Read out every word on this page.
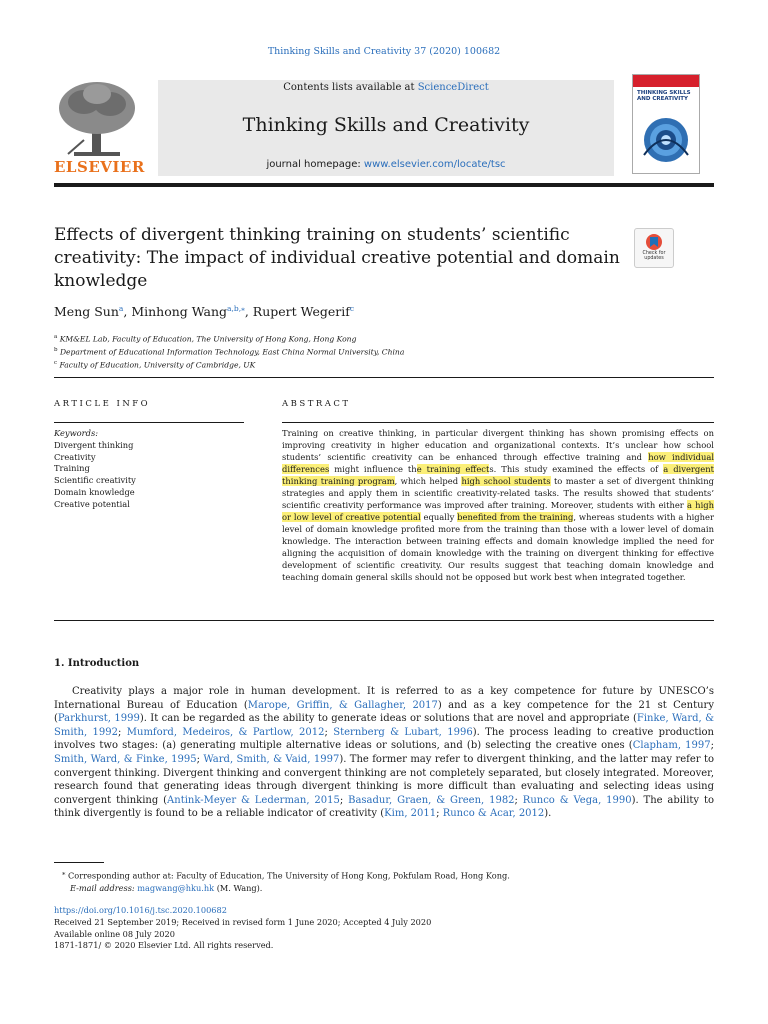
Thinking Skills and Creativity 37 (2020) 100682
ELSEVIER
Contents lists available at ScienceDirect
Thinking Skills and Creativity
journal homepage: www.elsevier.com/locate/tsc
THINKING SKILLS AND CREATIVITY
Effects of divergent thinking training on students’ scientific creativity: The impact of individual creative potential and domain knowledge
Check for updates
Meng Sun$^a$, Minhong Wang$^{a,b,⁎}$, Rupert Wegerif$^c$
$^a$ KM&EL Lab, Faculty of Education, The University of Hong Kong, Hong Kong
$^b$ Department of Educational Information Technology, East China Normal University, China
$^c$ Faculty of Education, University of Cambridge, UK
ARTICLE INFO	ABSTRACT
Keywords:
Divergent thinking
Creativity
Training
Scientific creativity
Domain knowledge
Creative potential
Training on creative thinking, in particular divergent thinking has shown promising effects on improving creativity in higher education and organizational contexts. It’s unclear how school students’ scientific creativity can be enhanced through effective training and how individual differences might influence the training effects. This study examined the effects of a divergent thinking training program, which helped high school students to master a set of divergent thinking strategies and apply them in scientific creativity-related tasks. The results showed that students’ scientific creativity performance was improved after training. Moreover, students with either a high or low level of creative potential equally benefited from the training, whereas students with a higher level of domain knowledge profited more from the training than those with a lower level of domain knowledge. The interaction between training effects and domain knowledge implied the need for aligning the acquisition of domain knowledge with the training on divergent thinking for effective development of scientific creativity. Our results suggest that teaching domain knowledge and teaching domain general skills should not be opposed but work best when integrated together.
1. Introduction
Creativity plays a major role in human development. It is referred to as a key competence for future by UNESCO’s International Bureau of Education (Marope, Griffin, & Gallagher, 2017) and as a key competence for the 21 st Century (Parkhurst, 1999). It can be regarded as the ability to generate ideas or solutions that are novel and appropriate (Finke, Ward, & Smith, 1992; Mumford, Medeiros, & Partlow, 2012; Sternberg & Lubart, 1996). The process leading to creative production involves two stages: (a) generating multiple alternative ideas or solutions, and (b) selecting the creative ones (Clapham, 1997; Smith, Ward, & Finke, 1995; Ward, Smith, & Vaid, 1997). The former may refer to divergent thinking, and the latter may refer to convergent thinking. Divergent thinking and convergent thinking are not completely separated, but closely integrated. Moreover, research found that generating ideas through divergent thinking is more difficult than evaluating and selecting ideas using convergent thinking (Antink-Meyer & Lederman, 2015; Basadur, Graen, & Green, 1982; Runco & Vega, 1990). The ability to think divergently is found to be a reliable indicator of creativity (Kim, 2011; Runco & Acar, 2012).
⁎ Corresponding author at: Faculty of Education, The University of Hong Kong, Pokfulam Road, Hong Kong.
E-mail address: magwang@hku.hk (M. Wang).
https://doi.org/10.1016/j.tsc.2020.100682
Received 21 September 2019; Received in revised form 1 June 2020; Accepted 4 July 2020
Available online 08 July 2020
1871-1871/ © 2020 Elsevier Ltd. All rights reserved.
